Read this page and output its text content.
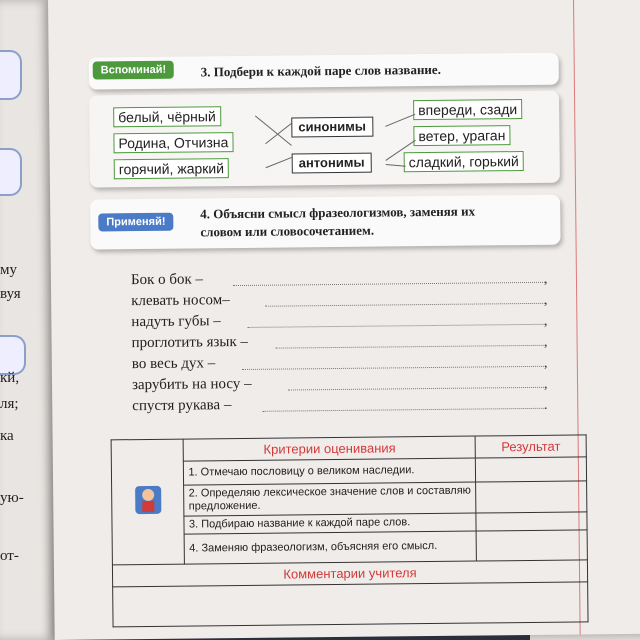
му
вуя
кй,
ля;
ка
ую-
от-
Вспоминай!	3. Подбери к каждой паре слов название.
белый, чёрный
Родина, Отчизна
горячий, жаркий
синонимы
антонимы
впереди, сзади
ветер, ураган
сладкий, горький
Применяй!
4. Объясни смысл фразеологизмов, заменяя их
словом или словосочетанием.
Бок о бок –
клевать носом–
надуть губы –
проглотить язык –
во весь дух –
зарубить на носу –
спустя рукава –
	Критерии оценивания	Результат
	1. Отмечаю пословицу о великом наследии.	
	2. Определяю лексическое значение слов и составляю предложение.	
	3. Подбираю название к каждой паре слов.	
	4. Заменяю фразеологизм, объясняя его смысл.	
Комментарии учителя		

,
,
,
,
,
,
.
